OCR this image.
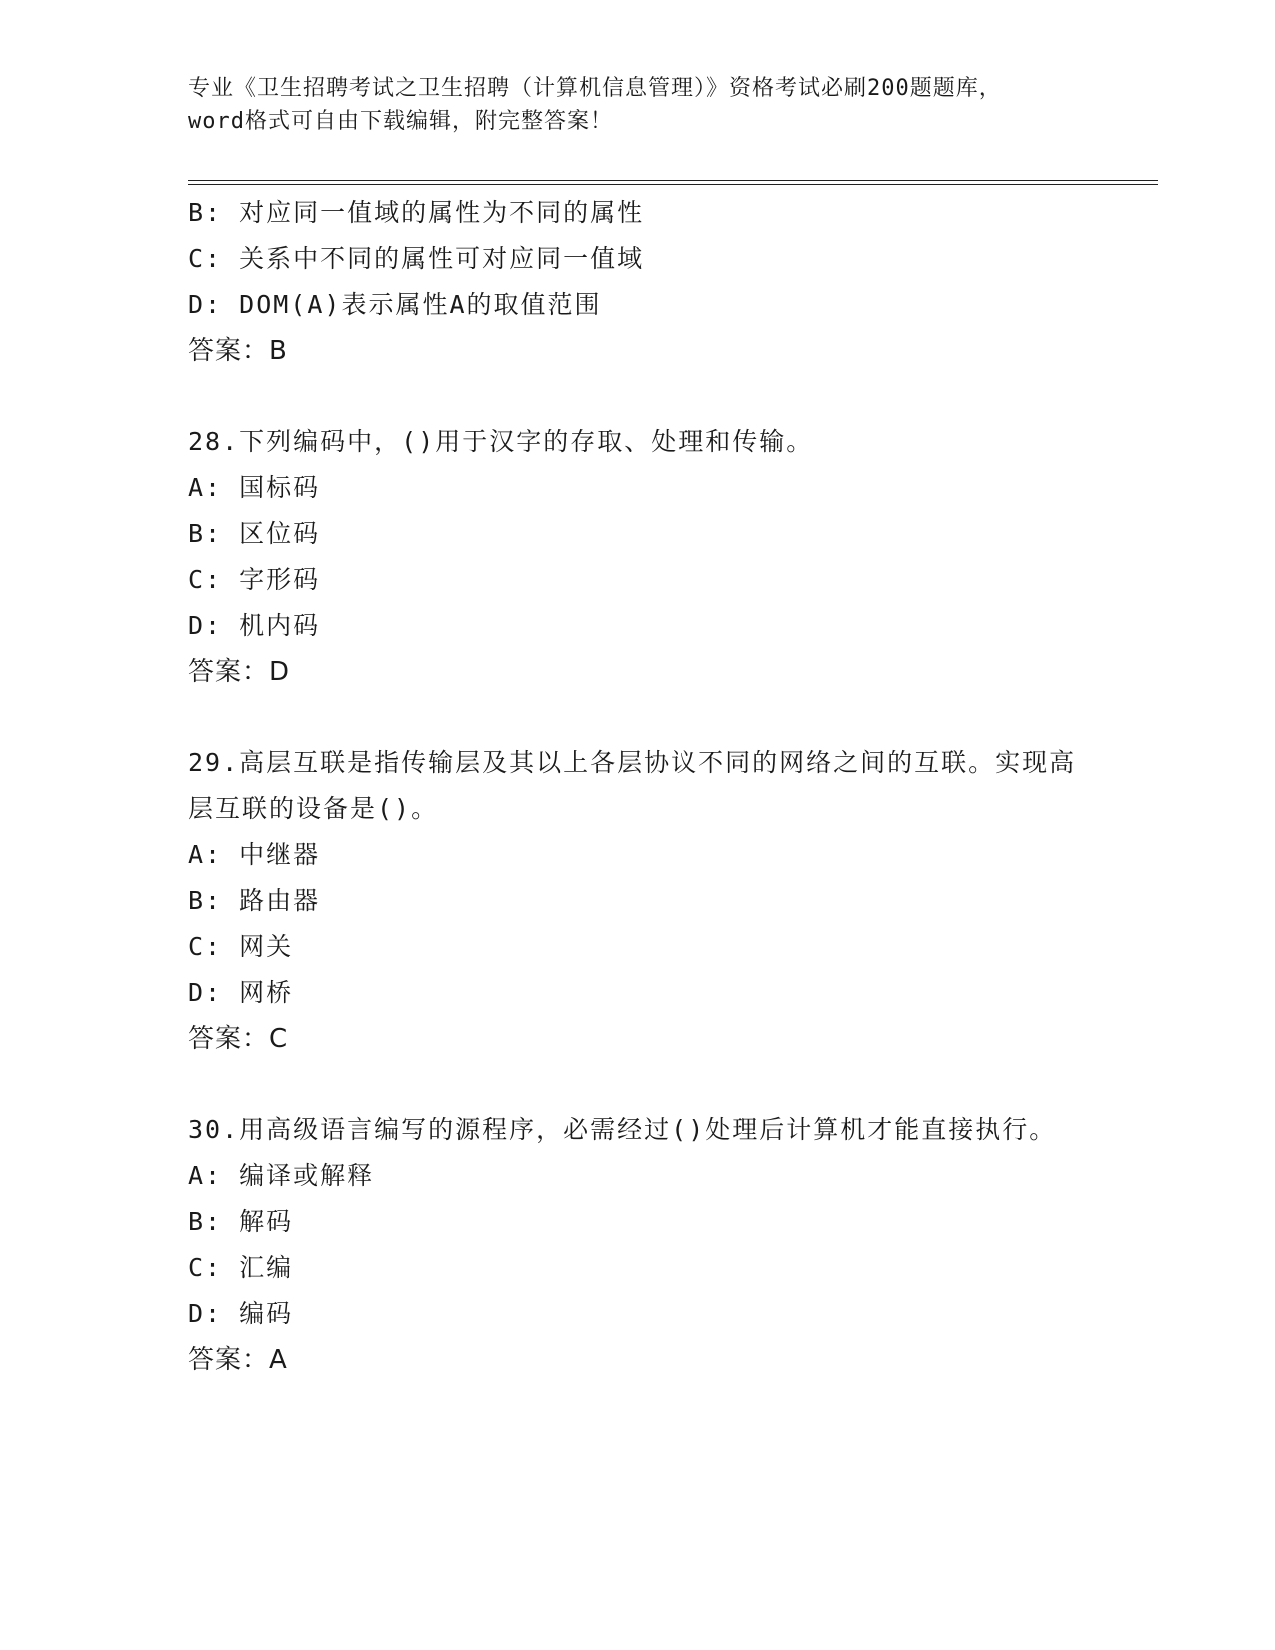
专业《卫生招聘考试之卫生招聘（计算机信息管理）》资格考试必刷200题题库，
word格式可自由下载编辑，附完整答案！
B: 对应同一值域的属性为不同的属性
C: 关系中不同的属性可对应同一值域
D: DOM(A)表示属性A的取值范围
答案：B
28.下列编码中，()用于汉字的存取、处理和传输。
A: 国标码
B: 区位码
C: 字形码
D: 机内码
答案：D
29.高层互联是指传输层及其以上各层协议不同的网络之间的互联。实现高层互联的设备是()。
A: 中继器
B: 路由器
C: 网关
D: 网桥
答案：C
30.用高级语言编写的源程序，必需经过()处理后计算机才能直接执行。
A: 编译或解释
B: 解码
C: 汇编
D: 编码
答案：A
